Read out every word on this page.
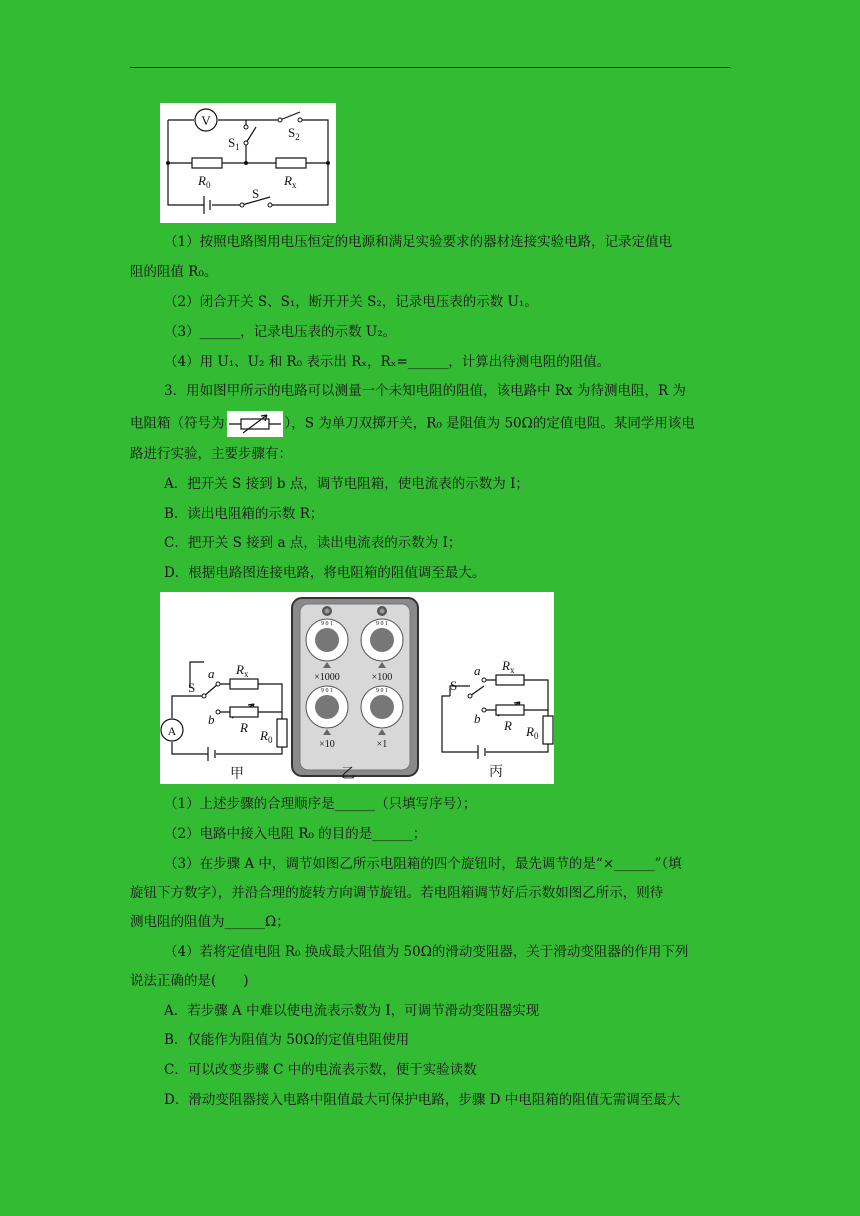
V
$S_1$
$S_2$
$R_0$	$R_x$
S
（1）按照电路图用电压恒定的电源和满足实验要求的器材连接实验电路，记录定值电
阻的阻值 R₀。
（2）闭合开关 S、S₁，断开开关 S₂，记录电压表的示数 U₁。
（3）______，记录电压表的示数 U₂。
（4）用 U₁、U₂ 和 R₀ 表示出 Rₓ，Rₓ=______，计算出待测电阻的阻值。
3．用如图甲所示的电路可以测量一个未知电阻的阻值，该电路中 Rx 为待测电阻，R 为
电阻箱（符号为	），S 为单刀双掷开关，R₀ 是阻值为 50Ω的定值电阻。某同学用该电
路进行实验，主要步骤有：
A．把开关 S 接到 b 点，调节电阻箱，使电流表的示数为 I；
B．读出电阻箱的示数 R；
C．把开关 S 接到 a 点，读出电流表的示数为 I；
D．根据电路图连接电路，将电阻箱的阻值调至最大。
A
a
b
S
$R_x$
R
$R_0$
甲
9 0 1	9 0 1
9 0 1	9 0 1
×1000	×100
×10	×1
乙
a
b
S
$R_x$
R $R_0$
丙
（1）上述步骤的合理顺序是______（只填写序号）；
（2）电路中接入电阻 R₀ 的目的是______；
（3）在步骤 A 中，调节如图乙所示电阻箱的四个旋钮时，最先调节的是“×______”（填
旋钮下方数字），并沿合理的旋转方向调节旋钮。若电阻箱调节好后示数如图乙所示，则待
测电阻的阻值为______Ω；
（4）若将定值电阻 R₀ 换成最大阻值为 50Ω的滑动变阻器，关于滑动变阻器的作用下列
说法正确的是(　　)
A．若步骤 A 中难以使电流表示数为 I，可调节滑动变阻器实现
B．仅能作为阻值为 50Ω的定值电阻使用
C．可以改变步骤 C 中的电流表示数，便于实验读数
D．滑动变阻器接入电路中阻值最大可保护电路，步骤 D 中电阻箱的阻值无需调至最大
